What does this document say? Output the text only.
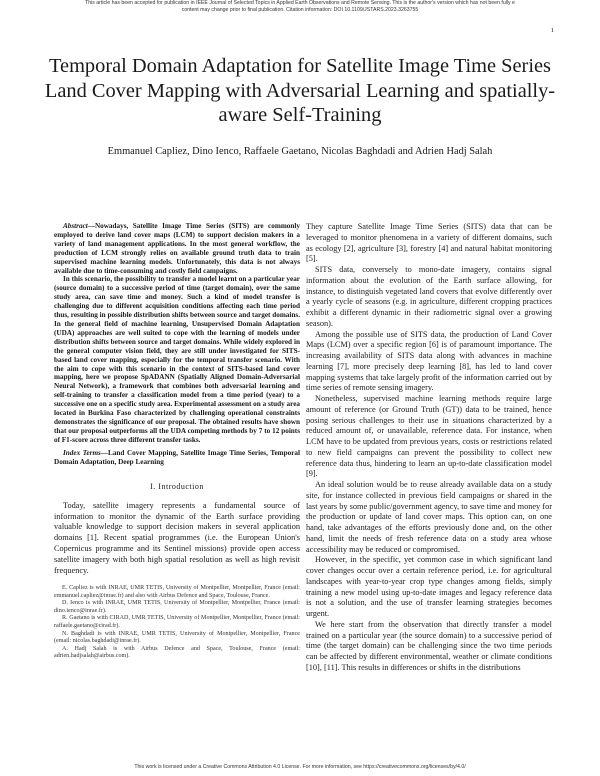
This article has been accepted for publication in IEEE Journal of Selected Topics in Applied Earth Observations and Remote Sensing. This is the author's version which has not been fully e
content may change prior to final publication. Citation information: DOI 10.1109/JSTARS.2023.3263755
1
Temporal Domain Adaptation for Satellite Image Time Series Land Cover Mapping with Adversarial Learning and spatially-aware Self-Training
Emmanuel Capliez, Dino Ienco, Raffaele Gaetano, Nicolas Baghdadi and Adrien Hadj Salah

Abstract—Nowadays, Satellite Image Time Series (SITS) are commonly employed to derive land cover maps (LCM) to support decision makers in a variety of land management applications. In the most general workflow, the production of LCM strongly relies on available ground truth data to train supervised machine learning models. Unfortunately, this data is not always available due to time-consuming and costly field campaigns.

In this scenario, the possibility to transfer a model learnt on a particular year (source domain) to a successive period of time (target domain), over the same study area, can save time and money. Such a kind of model transfer is challenging due to different acquisition conditions affecting each time period thus, resulting in possible distribution shifts between source and target domains. In the general field of machine learning, Unsupervised Domain Adaptation (UDA) approaches are well suited to cope with the learning of models under distribution shifts between source and target domains. While widely explored in the general computer vision field, they are still under investigated for SITS-based land cover mapping, especially for the temporal transfer scenario. With the aim to cope with this scenario in the context of SITS-based land cover mapping, here we propose SpADANN (Spatially Aligned Domain-Adversarial Neural Network), a framework that combines both adversarial learning and self-training to transfer a classification model from a time period (year) to a successive one on a specific study area. Experimental assessment on a study area located in Burkina Faso characterized by challenging operational constraints demonstrates the significance of our proposal. The obtained results have shown that our proposal outperforms all the UDA competing methods by 7 to 12 points of F1-score across three different transfer tasks.

Index Terms—Land Cover Mapping, Satellite Image Time Series, Temporal Domain Adaptation, Deep Learning
I. Introduction

Today, satellite imagery represents a fundamental source of information to monitor the dynamic of the Earth surface providing valuable knowledge to support decision makers in several application domains [1]. Recent spatial programmes (i.e. the European Union's Copernicus programme and its Sentinel missions) provide open access satellite imagery with both high spatial resolution as well as high revisit frequency.

E. Capliez is with INRAE, UMR TETIS, University of Montpellier, Montpellier, France (email: emmanuel.capliez@inrae.fr) and also with Airbus Defence and Space, Toulouse, France.

D. Ienco is with INRAE, UMR TETIS, University of Montpellier, Montpellier, France (email: dino.ienco@inrae.fr).

R. Gaetano is with CIRAD, UMR TETIS, University of Montpellier, Montpellier, France (email: raffaele.gaetano@cirad.fr).

N. Baghdadi is with INRAE, UMR TETIS, University of Montpellier, Montpellier, France (email: nicolas.baghdadi@inrae.fr).

A. Hadj Salah is with Airbus Defence and Space, Toulouse, France (email: adrien.hadjsalah@airbus.com).

They capture Satellite Image Time Series (SITS) data that can be leveraged to monitor phenomena in a variety of different domains, such as ecology [2], agriculture [3], forestry [4] and natural habitat monitoring [5].

SITS data, conversely to mono-date imagery, contains signal information about the evolution of the Earth surface allowing, for instance, to distinguish vegetated land covers that evolve differently over a yearly cycle of seasons (e.g. in agriculture, different cropping practices exhibit a different dynamic in their radiometric signal over a growing season).

Among the possible use of SITS data, the production of Land Cover Maps (LCM) over a specific region [6] is of paramount importance. The increasing availability of SITS data along with advances in machine learning [7], more precisely deep learning [8], has led to land cover mapping systems that take largely profit of the information carried out by time series of remote sensing imagery.

Nonetheless, supervised machine learning methods require large amount of reference (or Ground Truth (GT)) data to be trained, hence posing serious challenges to their use in situations characterized by a reduced amount of, or unavailable, reference data. For instance, when LCM have to be updated from previous years, costs or restrictions related to new field campaigns can prevent the possibility to collect new reference data thus, hindering to learn an up-to-date classification model [9].

An ideal solution would be to reuse already available data on a study site, for instance collected in previous field campaigns or shared in the last years by some public/government agency, to save time and money for the production or update of land cover maps. This option can, on one hand, take advantages of the efforts previously done and, on the other hand, limit the needs of fresh reference data on a study area whose accessibility may be reduced or compromised.

However, in the specific, yet common case in which significant land cover changes occur over a certain reference period, i.e. for agricultural landscapes with year-to-year crop type changes among fields, simply training a new model using up-to-date images and legacy reference data is not a solution, and the use of transfer learning strategies becomes urgent.

We here start from the observation that directly transfer a model trained on a particular year (the source domain) to a successive period of time (the target domain) can be challenging since the two time periods can be affected by different environmental, weather or climate conditions [10], [11]. This results in differences or shifts in the distributions

This work is licensed under a Creative Commons Attribution 4.0 License. For more information, see https://creativecommons.org/licenses/by/4.0/
